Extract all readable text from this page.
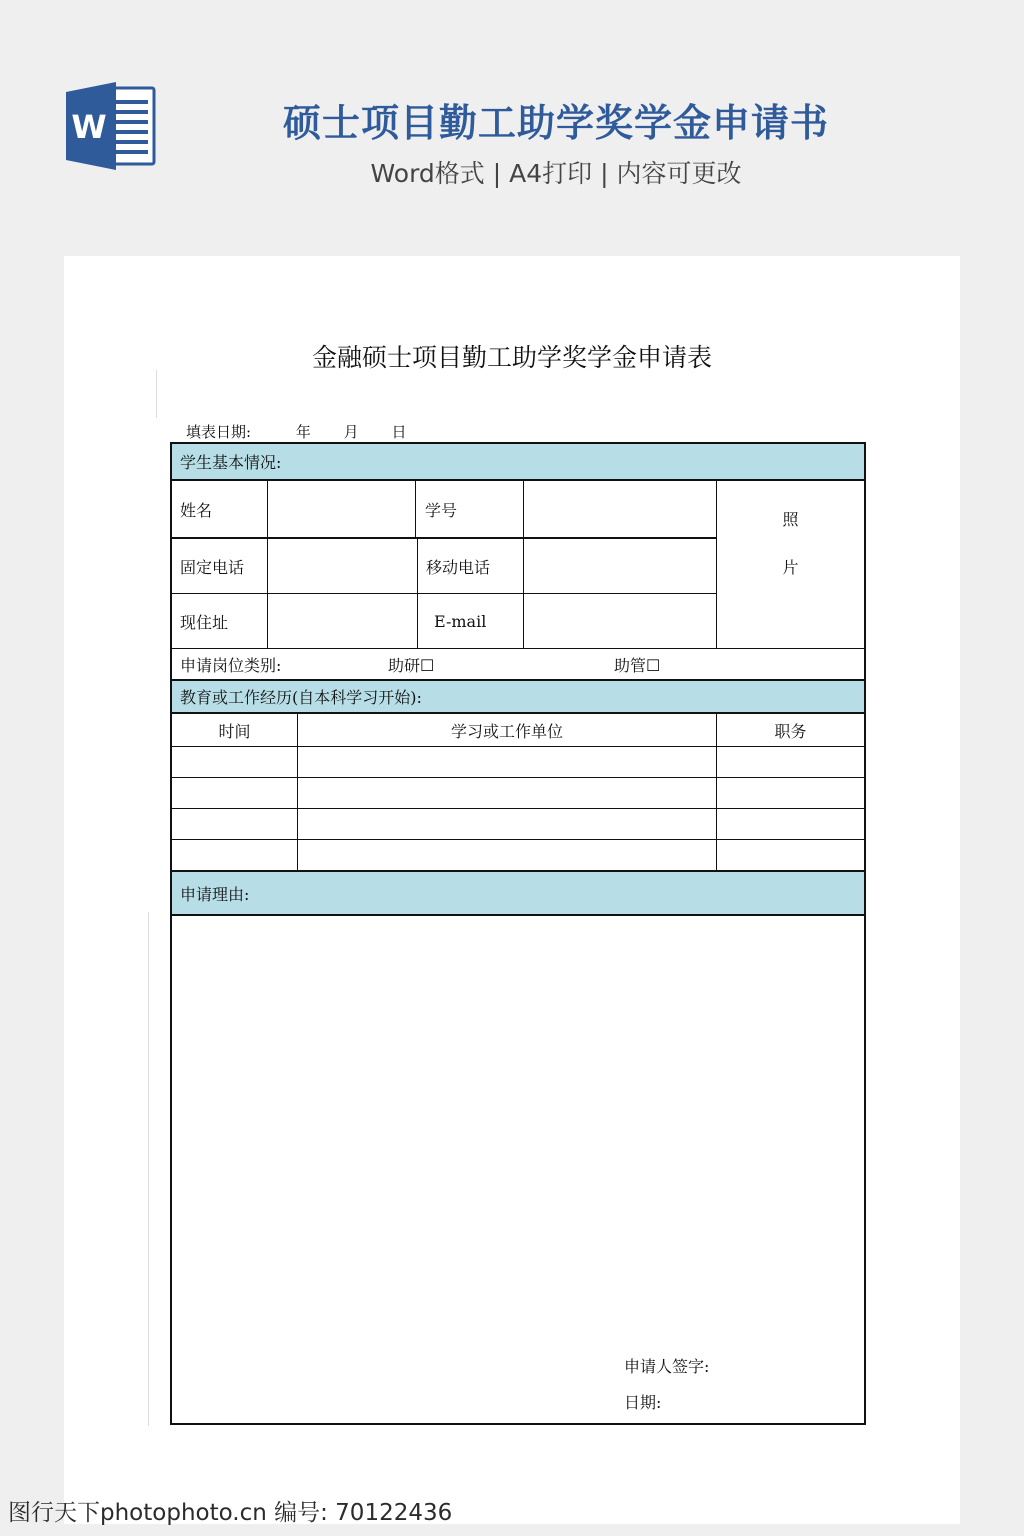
W	硕士项目勤工助学奖学金申请书
Word格式 | A4打印 | 内容可更改
金融硕士项目勤工助学奖学金申请表
填表日期:	年 月 日
学生基本情况:
姓名	学号
固定电话	移动电话
现住址	E-mail
照
片
申请岗位类别:	助研☐	助管☐
教育或工作经历(自本科学习开始):
时间	学习或工作单位	职务
申请理由:
申请人签字:
日期:
图行天下photophoto.cn 编号: 70122436
